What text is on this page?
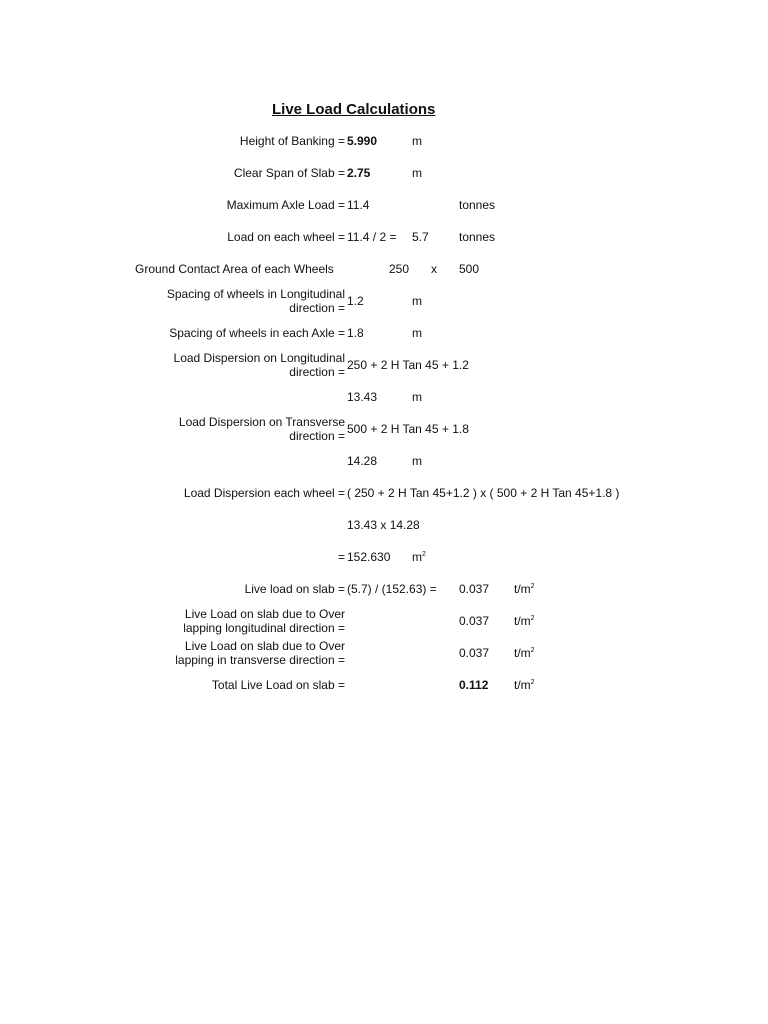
Live Load Calculations
Height of Banking = 5.990	m
Clear Span of Slab = 2.75	m
Maximum Axle Load = 11.4	tonnes
Load on each wheel = 11.4 / 2 = 5.7	tonnes
Ground Contact Area of each Wheels	250 x 500
Spacing of wheels in Longitudinal
direction = 1.2	m
Spacing of wheels in each Axle = 1.8	m
Load Dispersion on Longitudinal
direction = 250 + 2 H Tan 45 + 1.2
13.43	m
Load Dispersion on Transverse
direction = 500 + 2 H Tan 45 + 1.8
14.28	m
Load Dispersion each wheel = ( 250 + 2 H Tan 45+1.2 ) x ( 500 + 2 H Tan 45+1.8 )
13.43 x 14.28
= 152.630 $m^2$
Live load on slab = (5.7) / (152.63) = 0.037 $t/m^2$
Live Load on slab due to Over
lapping longitudinal direction =	0.037 $t/m^2$
Live Load on slab due to Over
lapping in transverse direction =	0.037 $t/m^2$
Total Live Load on slab =	0.112 $t/m^2$
